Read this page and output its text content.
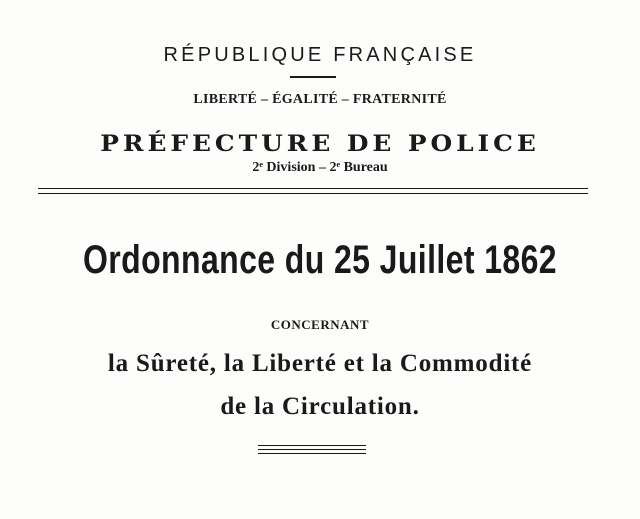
RÉPUBLIQUE FRANÇAISE
LIBERTÉ – ÉGALITÉ – FRATERNITÉ
PRÉFECTURE DE POLICE
2ᵉ Division – 2ᵉ Bureau
Ordonnance du 25 Juillet 1862
CONCERNANT
la Sûreté, la Liberté et la Commodité
de la Circulation.
